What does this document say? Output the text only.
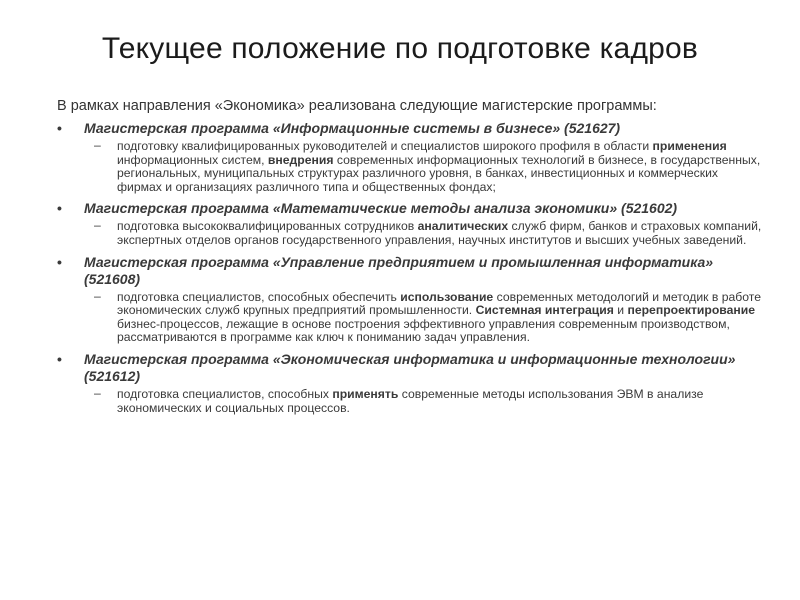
Текущее положение по подготовке кадров
В рамках направления «Экономика» реализована следующие магистерские программы:
• Магистерская программа «Информационные системы в бизнесе» (521627)
– подготовку квалифицированных руководителей и специалистов широкого профиля в области применения информационных систем, внедрения современных информационных технологий в бизнесе, в государственных, региональных, муниципальных структурах различного уровня, в банках, инвестиционных и коммерческих фирмах и организациях различного типа и общественных фондах;
• Магистерская программа «Математические методы анализа экономики» (521602)
– подготовка высококвалифицированных сотрудников аналитических служб фирм, банков и страховых компаний, экспертных отделов органов государственного управления, научных институтов и высших учебных заведений.
• Магистерская программа «Управление предприятием и промышленная информатика» (521608)
– подготовка специалистов, способных обеспечить использование современных методологий и методик в работе экономических служб крупных предприятий промышленности. Системная интеграция и перепроектирование бизнес-процессов, лежащие в основе построения эффективного управления современным производством, рассматриваются в программе как ключ к пониманию задач управления.
• Магистерская программа «Экономическая информатика и информационные технологии» (521612)
– подготовка специалистов, способных применять современные методы использования ЭВМ в анализе экономических и социальных процессов.
